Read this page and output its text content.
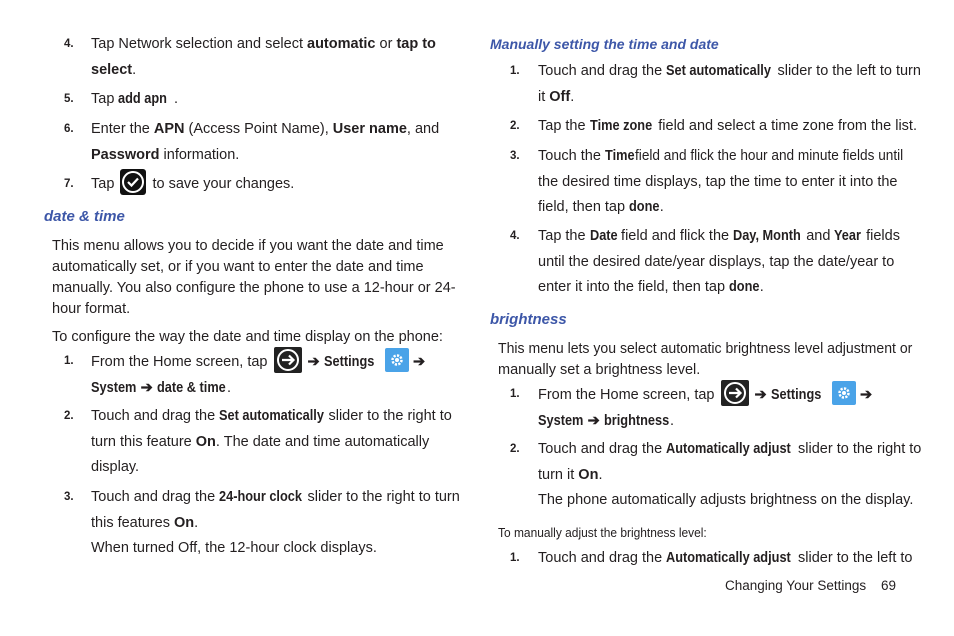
4. Tap Network selection and select automatic or tap to
select.
5. Tap add apn .
6. Enter the APN (Access Point Name), User name, and
Password information.
7. Tap  to save your changes.
date & time
This menu allows you to decide if you want the date and time
automatically set, or if you want to enter the date and time
manually. You also configure the phone to use a 12-hour or 24-
hour format.
To configure the way the date and time display on the phone:
1. From the Home screen, tap  ➔ Settings	➔
System ➔ date & time.
2. Touch and drag the Set automatically slider to the right to
turn this feature On. The date and time automatically
display.
3. Touch and drag the 24-hour clock slider to the right to turn
this features On.
When turned Off, the 12-hour clock displays.
Manually setting the time and date
1. Touch and drag the Set automatically slider to the left to turn
it Off.
2. Tap the Time zone field and select a time zone from the list.
3. Touch the Timefield and flick the hour and minute fields until
the desired time displays, tap the time to enter it into the
field, then tap done.
4. Tap the Date field and flick the Day, Month and Year fields
until the desired date/year displays, tap the date/year to
enter it into the field, then tap done.
brightness
This menu lets you select automatic brightness level adjustment or
manually set a brightness level.
1. From the Home screen, tap  ➔ Settings	➔
System ➔ brightness.
2. Touch and drag the Automatically adjust slider to the right to
turn it On.
The phone automatically adjusts brightness on the display.
To manually adjust the brightness level:
1. Touch and drag the Automatically adjust slider to the left to
Changing Your Settings 69
